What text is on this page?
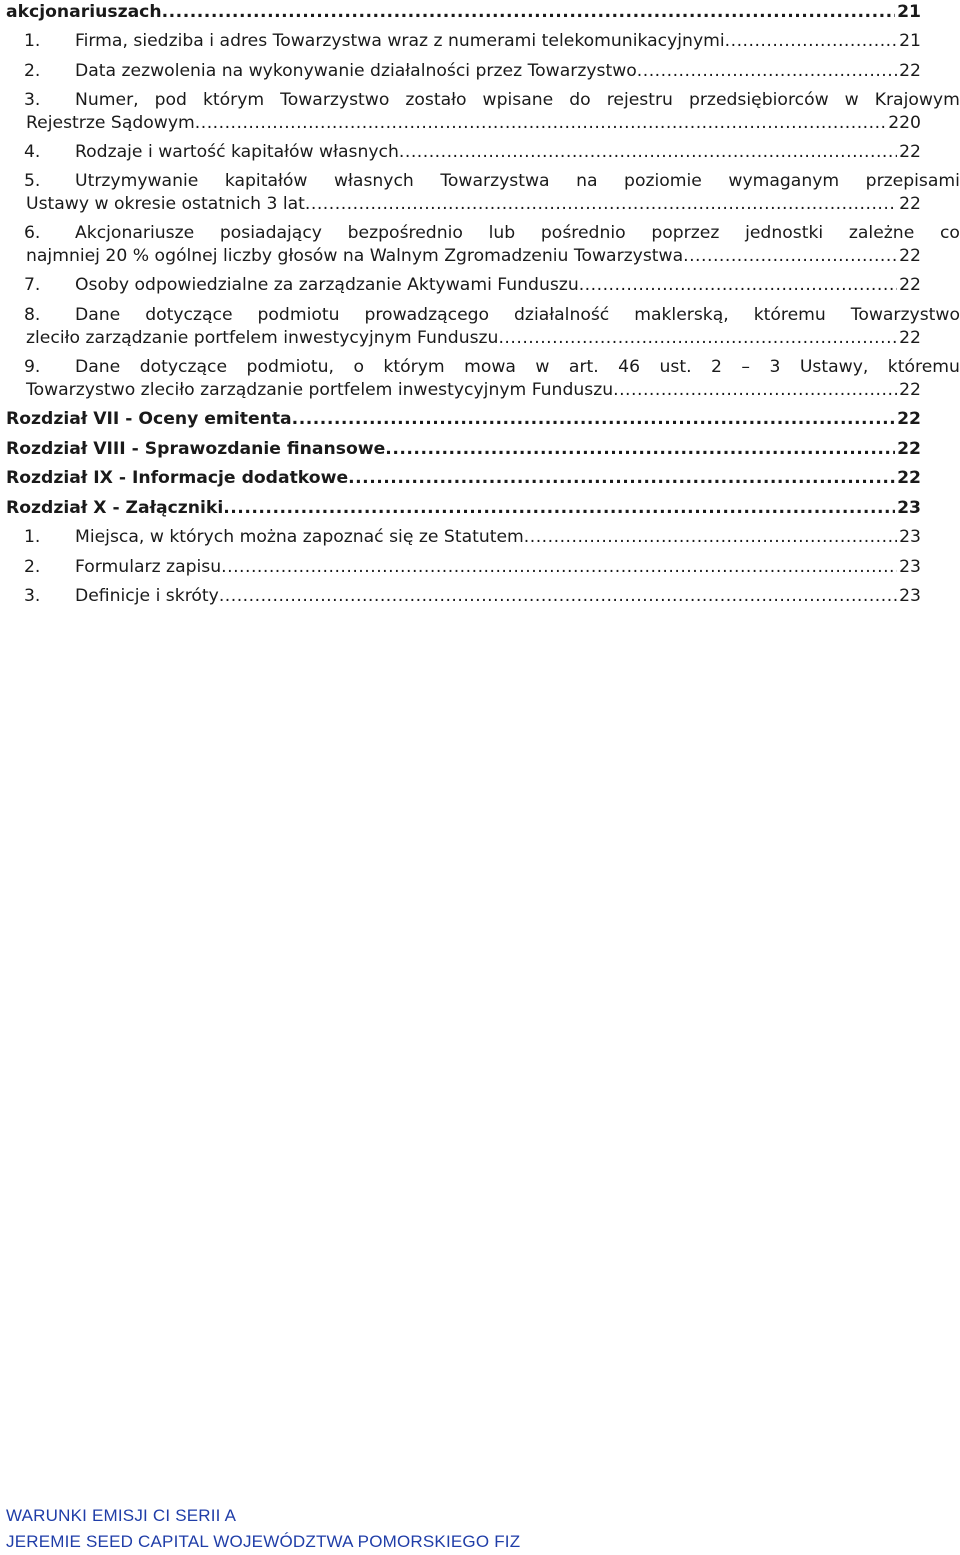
akcjonariuszach .....	21
1. Firma, siedziba i adres Towarzystwa wraz z numerami telekomunikacyjnymi .....	21
2. Data zezwolenia na wykonywanie działalności przez Towarzystwo .....	22
3. Numer, pod którym Towarzystwo zostało wpisane do rejestru przedsiębiorców w Krajowym
Rejestrze Sądowym .....	220
4. Rodzaje i wartość kapitałów własnych .....	22
5. Utrzymywanie kapitałów własnych Towarzystwa na poziomie wymaganym przepisami
Ustawy w okresie ostatnich 3 lat .....	22
6. Akcjonariusze posiadający bezpośrednio lub pośrednio poprzez jednostki zależne co
najmniej 20 % ogólnej liczby głosów na Walnym Zgromadzeniu Towarzystwa .....	22
7. Osoby odpowiedzialne za zarządzanie Aktywami Funduszu .....	22
8. Dane dotyczące podmiotu prowadzącego działalność maklerską, któremu Towarzystwo
zleciło zarządzanie portfelem inwestycyjnym Funduszu .....	22
9. Dane dotyczące podmiotu, o którym mowa w art. 46 ust. 2 – 3 Ustawy, któremu
Towarzystwo zleciło zarządzanie portfelem inwestycyjnym Funduszu .....	22
Rozdział VII - Oceny emitenta .....	22
Rozdział VIII - Sprawozdanie finansowe .....	22
Rozdział IX - Informacje dodatkowe .....	22
Rozdział X - Załączniki .....	23
1. Miejsca, w których można zapoznać się ze Statutem .....	23
2. Formularz zapisu .....	23
3. Definicje i skróty .....	23
WARUNKI EMISJI CI SERII A
JEREMIE SEED CAPITAL WOJEWÓDZTWA POMORSKIEGO FIZ
